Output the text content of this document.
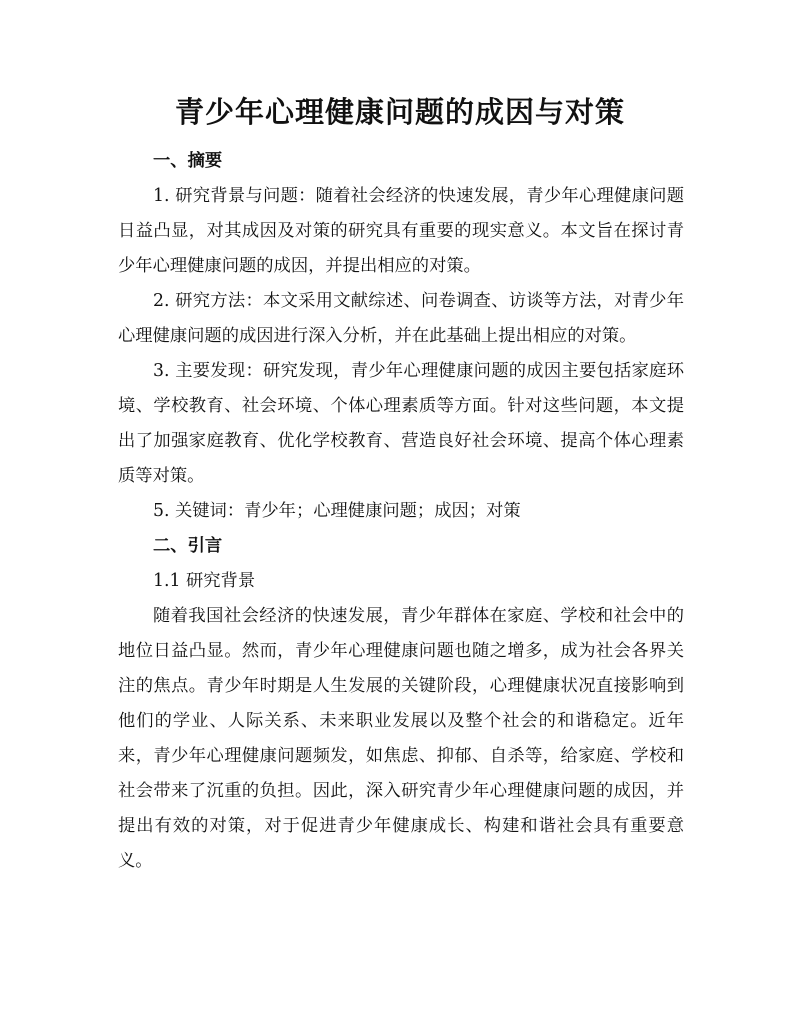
青少年心理健康问题的成因与对策
一、摘要

1. 研究背景与问题：随着社会经济的快速发展，青少年心理健康问题日益凸显，对其成因及对策的研究具有重要的现实意义。本文旨在探讨青少年心理健康问题的成因，并提出相应的对策。

2. 研究方法：本文采用文献综述、问卷调查、访谈等方法，对青少年心理健康问题的成因进行深入分析，并在此基础上提出相应的对策。

3. 主要发现：研究发现，青少年心理健康问题的成因主要包括家庭环境、学校教育、社会环境、个体心理素质等方面。针对这些问题，本文提出了加强家庭教育、优化学校教育、营造良好社会环境、提高个体心理素质等对策。

5. 关键词：青少年；心理健康问题；成因；对策

二、引言
1.1 研究背景

随着我国社会经济的快速发展，青少年群体在家庭、学校和社会中的地位日益凸显。然而，青少年心理健康问题也随之增多，成为社会各界关注的焦点。青少年时期是人生发展的关键阶段，心理健康状况直接影响到他们的学业、人际关系、未来职业发展以及整个社会的和谐稳定。近年来，青少年心理健康问题频发，如焦虑、抑郁、自杀等，给家庭、学校和社会带来了沉重的负担。因此，深入研究青少年心理健康问题的成因，并提出有效的对策，对于促进青少年健康成长、构建和谐社会具有重要意义。
